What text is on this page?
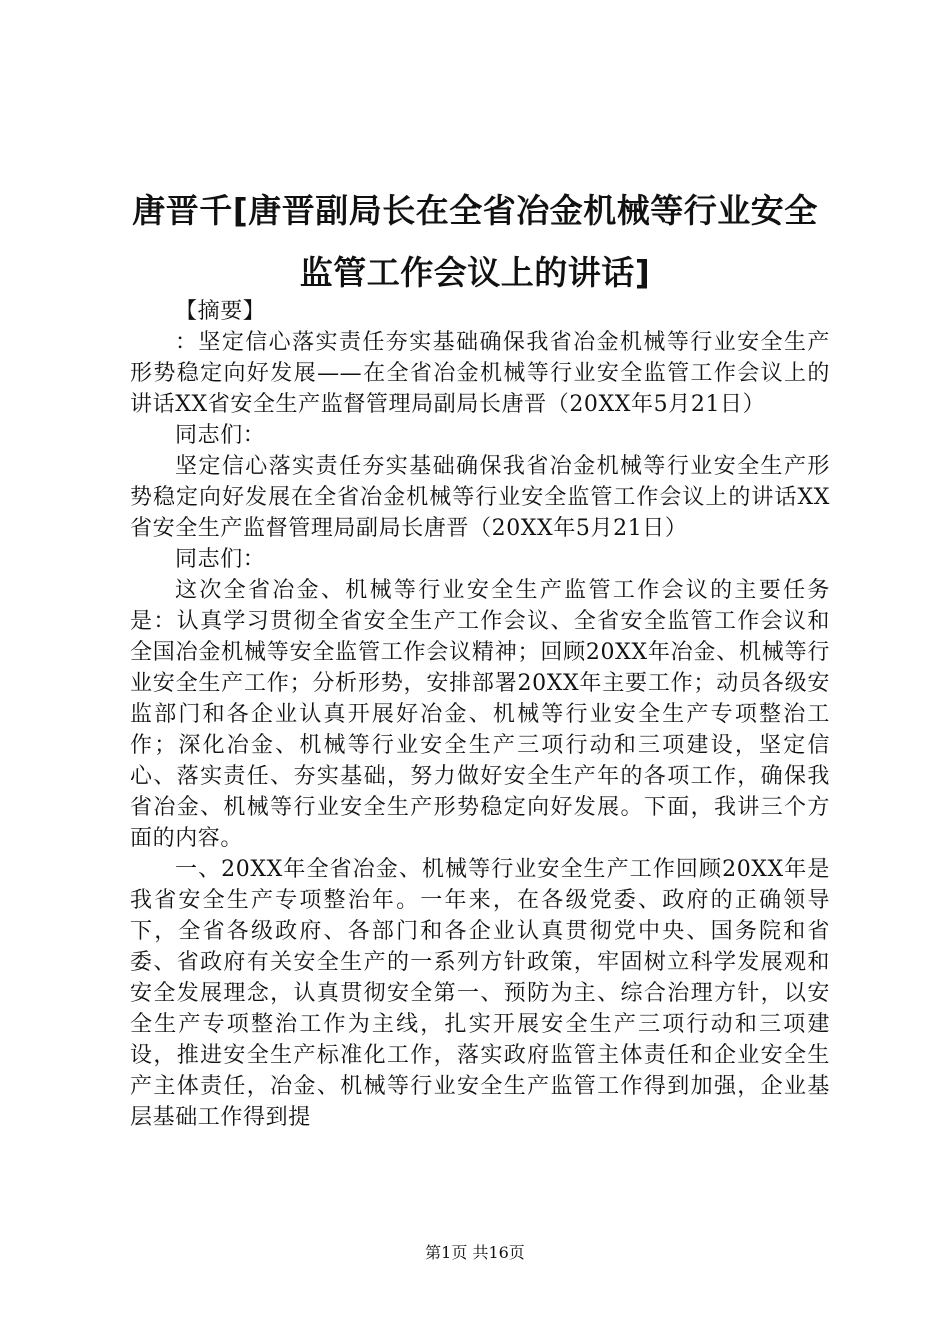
唐晋千[唐晋副局长在全省冶金机械等行业安全监管工作会议上的讲话]

【摘要】

：坚定信心落实责任夯实基础确保我省冶金机械等行业安全生产形势稳定向好发展——在全省冶金机械等行业安全监管工作会议上的讲话XX省安全生产监督管理局副局长唐晋（20XX年5月21日）

同志们：

坚定信心落实责任夯实基础确保我省冶金机械等行业安全生产形势稳定向好发展在全省冶金机械等行业安全监管工作会议上的讲话XX省安全生产监督管理局副局长唐晋（20XX年5月21日）

同志们：

这次全省冶金、机械等行业安全生产监管工作会议的主要任务是：认真学习贯彻全省安全生产工作会议、全省安全监管工作会议和全国冶金机械等安全监管工作会议精神；回顾20XX年冶金、机械等行业安全生产工作；分析形势，安排部署20XX年主要工作；动员各级安监部门和各企业认真开展好冶金、机械等行业安全生产专项整治工作；深化冶金、机械等行业安全生产三项行动和三项建设，坚定信心、落实责任、夯实基础，努力做好安全生产年的各项工作，确保我省冶金、机械等行业安全生产形势稳定向好发展。下面，我讲三个方面的内容。

一、20XX年全省冶金、机械等行业安全生产工作回顾20XX年是我省安全生产专项整治年。一年来，在各级党委、政府的正确领导下，全省各级政府、各部门和各企业认真贯彻党中央、国务院和省委、省政府有关安全生产的一系列方针政策，牢固树立科学发展观和安全发展理念，认真贯彻安全第一、预防为主、综合治理方针，以安全生产专项整治工作为主线，扎实开展安全生产三项行动和三项建设，推进安全生产标准化工作，落实政府监管主体责任和企业安全生产主体责任，冶金、机械等行业安全生产监管工作得到加强，企业基层基础工作得到提

第1页 共16页
